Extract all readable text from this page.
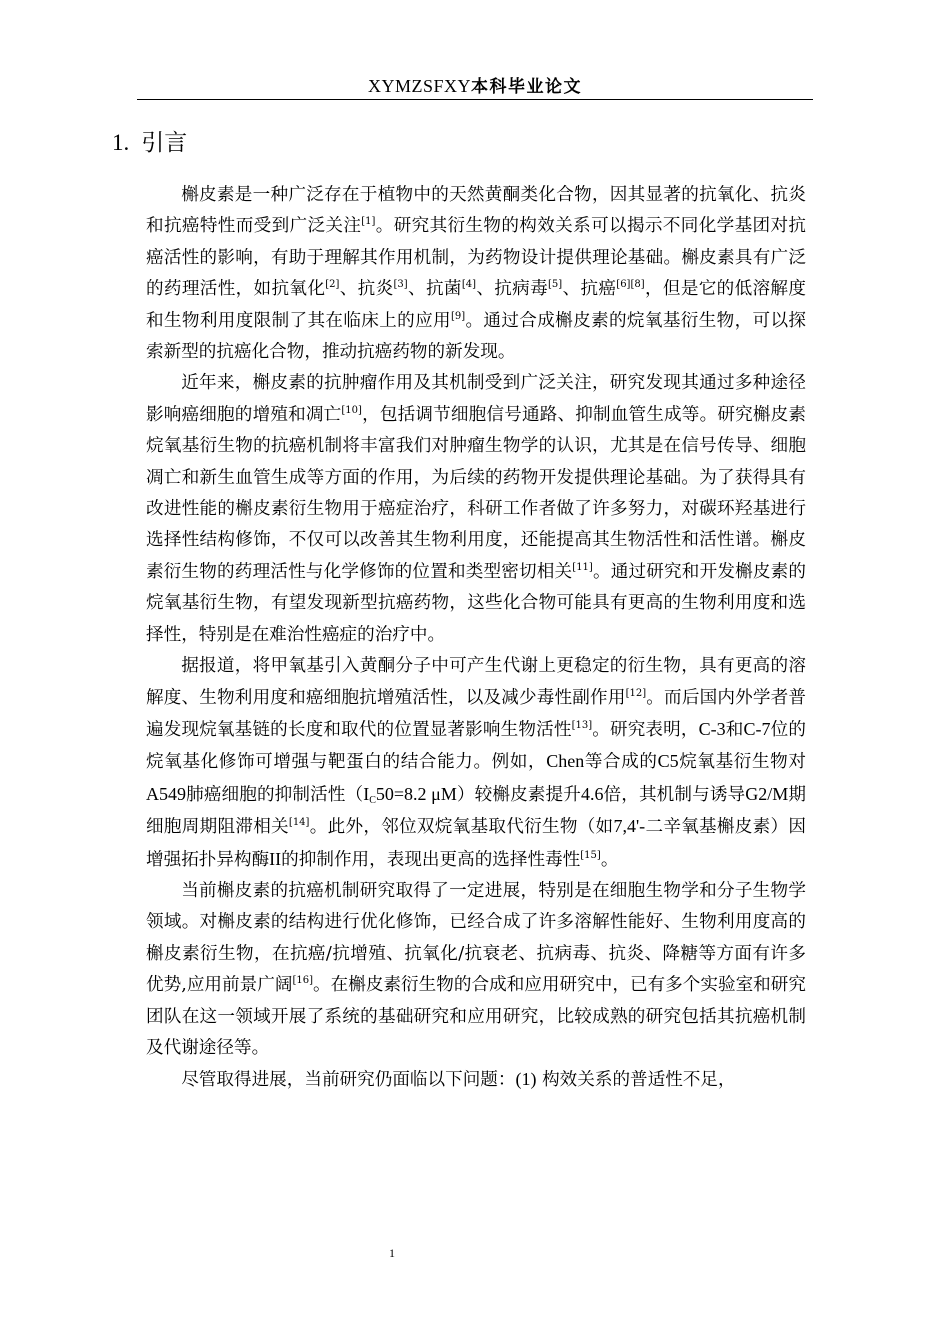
XYMZSFXY本科毕业论文
1. 引言

槲皮素是一种广泛存在于植物中的天然黄酮类化合物，因其显著的抗氧化、抗炎和抗癌特性而受到广泛关注[1]。研究其衍生物的构效关系可以揭示不同化学基团对抗癌活性的影响，有助于理解其作用机制，为药物设计提供理论基础。槲皮素具有广泛的药理活性，如抗氧化[2]、抗炎[3]、抗菌[4]、抗病毒[5]、抗癌[6][8]，但是它的低溶解度和生物利用度限制了其在临床上的应用[9]。通过合成槲皮素的烷氧基衍生物，可以探索新型的抗癌化合物，推动抗癌药物的新发现。

近年来，槲皮素的抗肿瘤作用及其机制受到广泛关注，研究发现其通过多种途径影响癌细胞的增殖和凋亡[10]，包括调节细胞信号通路、抑制血管生成等。研究槲皮素烷氧基衍生物的抗癌机制将丰富我们对肿瘤生物学的认识，尤其是在信号传导、细胞凋亡和新生血管生成等方面的作用，为后续的药物开发提供理论基础。为了获得具有改进性能的槲皮素衍生物用于癌症治疗，科研工作者做了许多努力，对碳环羟基进行选择性结构修饰，不仅可以改善其生物利用度，还能提高其生物活性和活性谱。槲皮素衍生物的药理活性与化学修饰的位置和类型密切相关[11]。通过研究和开发槲皮素的烷氧基衍生物，有望发现新型抗癌药物，这些化合物可能具有更高的生物利用度和选择性，特别是在难治性癌症的治疗中。

据报道，将甲氧基引入黄酮分子中可产生代谢上更稳定的衍生物，具有更高的溶解度、生物利用度和癌细胞抗增殖活性，以及减少毒性副作用[12]。而后国内外学者普遍发现烷氧基链的长度和取代的位置显著影响生物活性[13]。研究表明，C-3和C-7位的烷氧基化修饰可增强与靶蛋白的结合能力。例如，Chen等合成的C5烷氧基衍生物对A549肺癌细胞的抑制活性（$I_C50=8.2$ μM）较槲皮素提升4.6倍，其机制与诱导G2/M期细胞周期阻滞相关[14]。此外，邻位双烷氧基取代衍生物（如7,4'-二辛氧基槲皮素）因增强拓扑异构酶II的抑制作用，表现出更高的选择性毒性[15]。

当前槲皮素的抗癌机制研究取得了一定进展，特别是在细胞生物学和分子生物学领域。对槲皮素的结构进行优化修饰，已经合成了许多溶解性能好、生物利用度高的槲皮素衍生物，在抗癌/抗增殖、抗氧化/抗衰老、抗病毒、抗炎、降糖等方面有许多优势,应用前景广阔[16]。在槲皮素衍生物的合成和应用研究中，已有多个实验室和研究团队在这一领域开展了系统的基础研究和应用研究，比较成熟的研究包括其抗癌机制及代谢途径等。

尽管取得进展，当前研究仍面临以下问题：(1) 构效关系的普适性不足，

1
